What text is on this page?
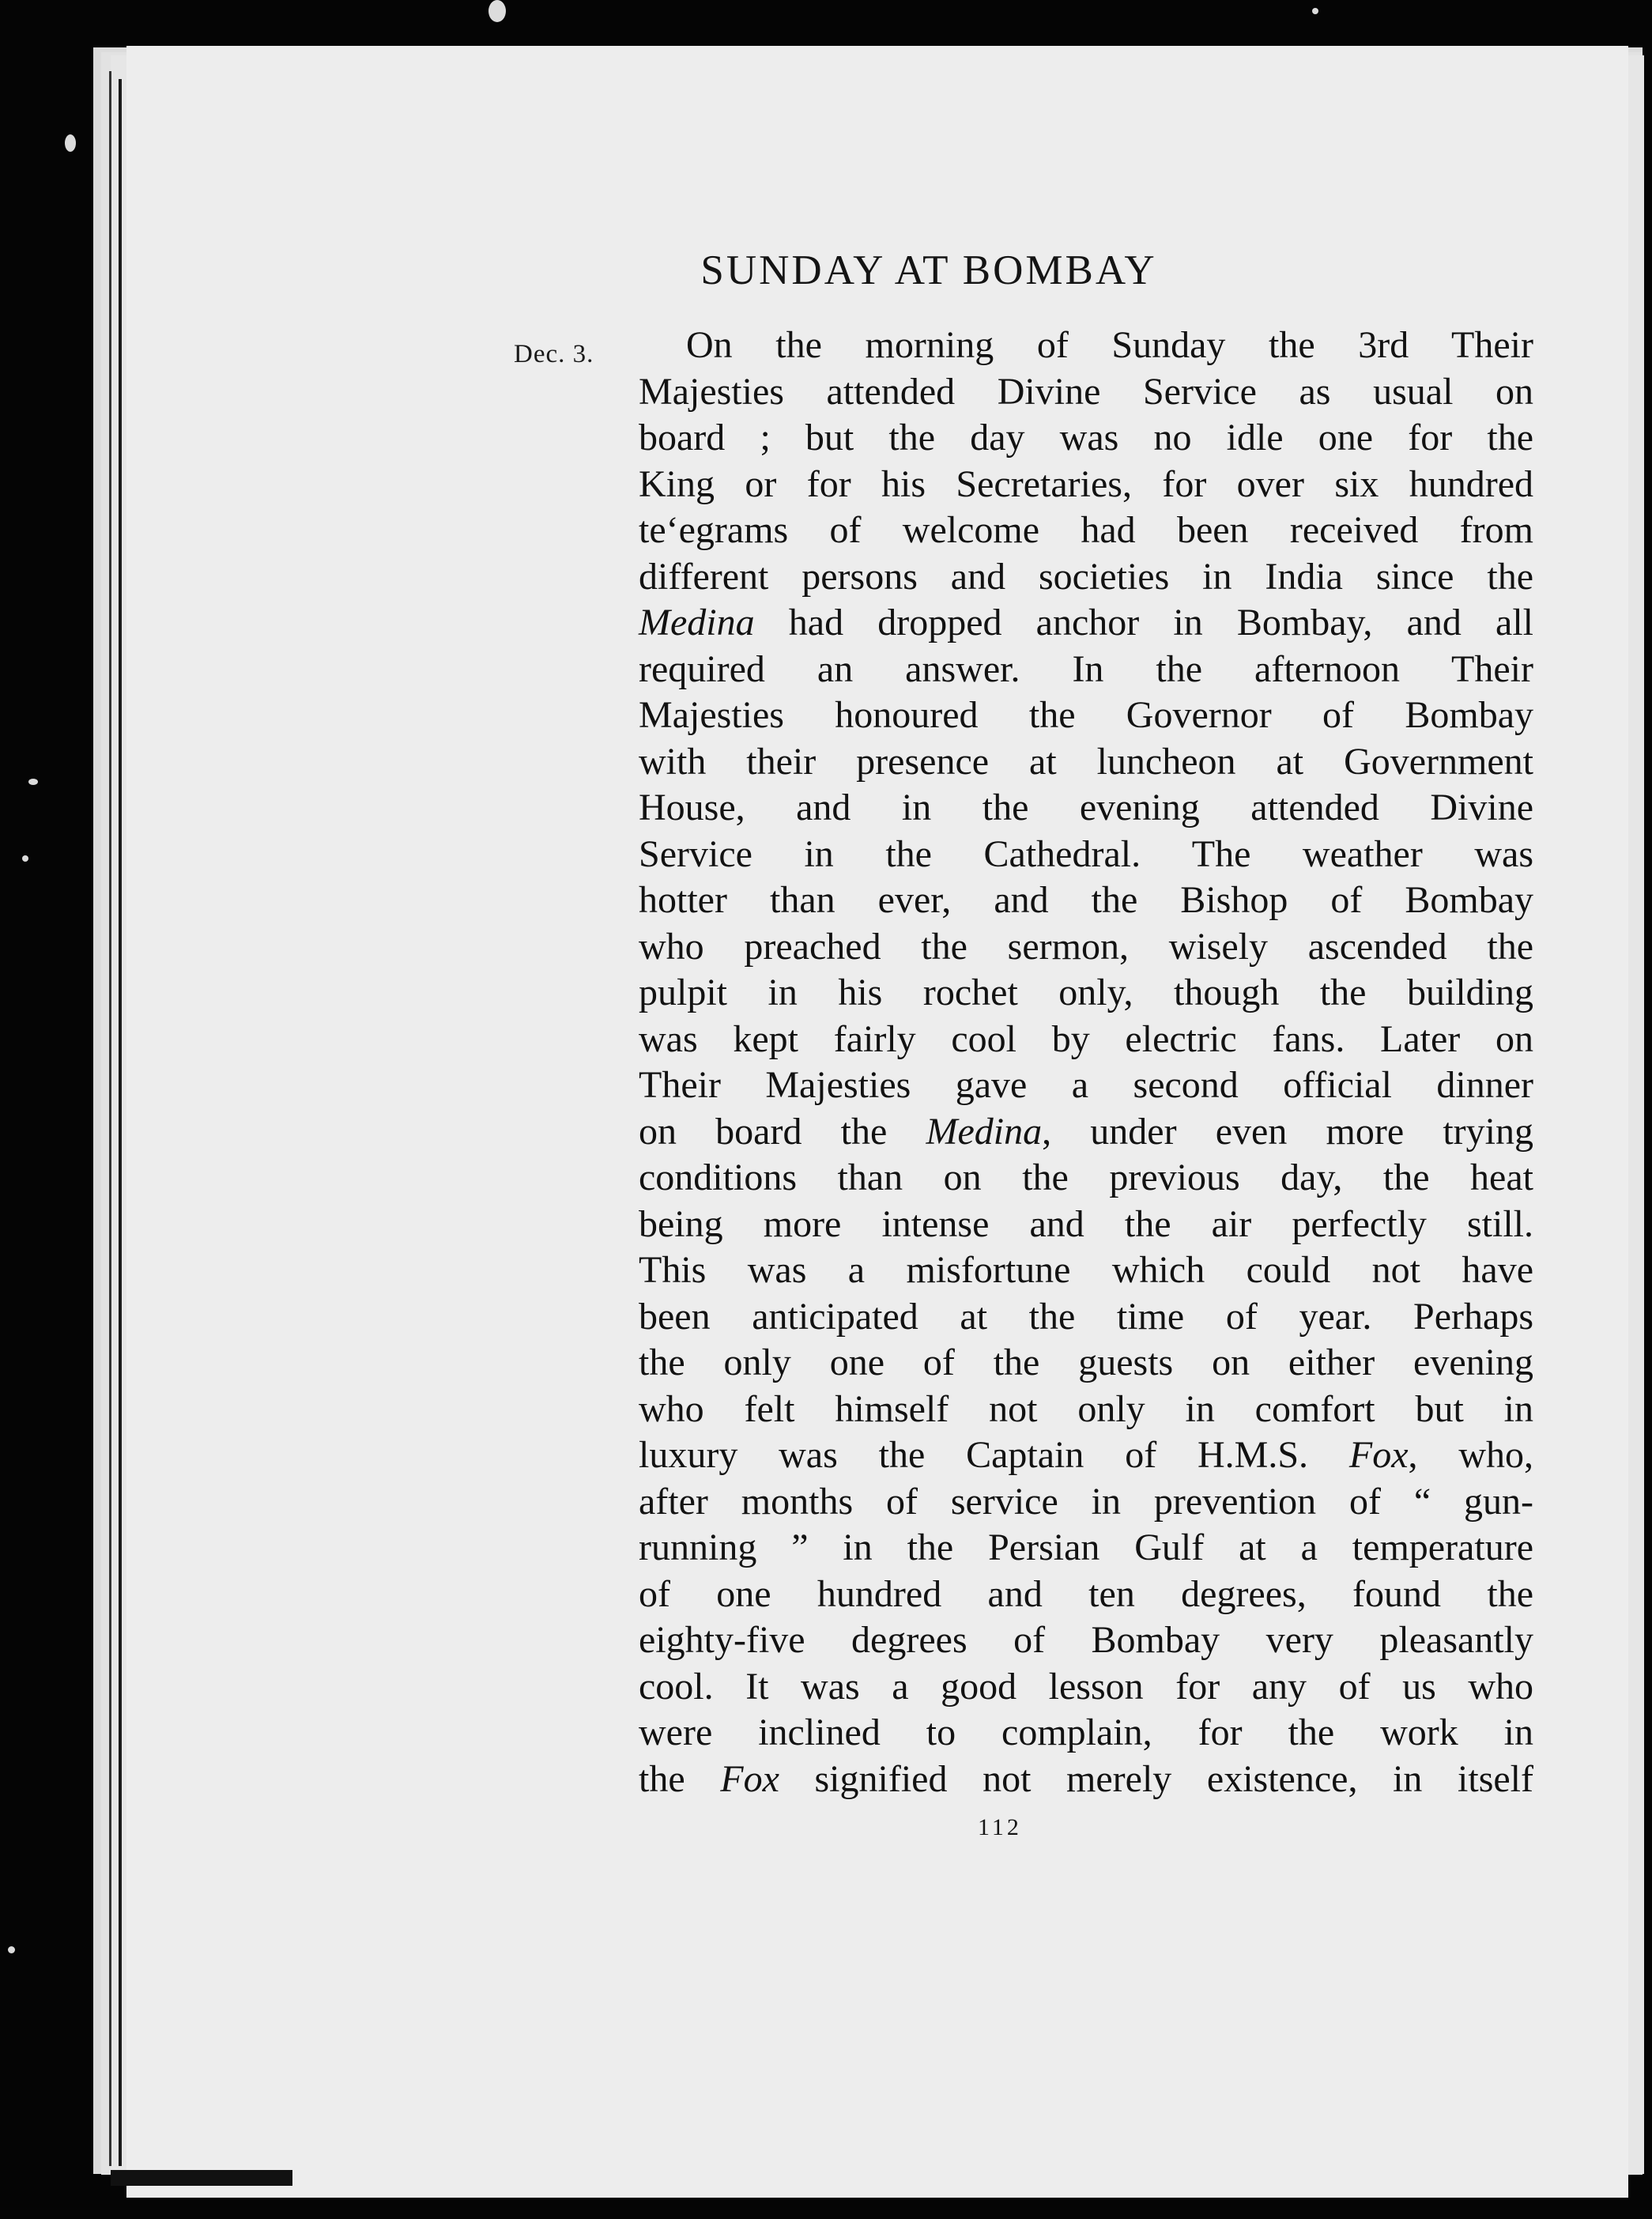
SUNDAY AT BOMBAY
Dec. 3.	On the morning of Sunday the 3rd Their
Majesties attended Divine Service as usual on
board ; but the day was no idle one for the
King or for his Secretaries, for over six hundred
teʻegrams of welcome had been received from
different persons and societies in India since the
Medina had dropped anchor in Bombay, and all
required an answer. In the afternoon Their
Majesties honoured the Governor of Bombay
with their presence at luncheon at Government
House, and in the evening attended Divine
Service in the Cathedral. The weather was
hotter than ever, and the Bishop of Bombay
who preached the sermon, wisely ascended the
pulpit in his rochet only, though the building
was kept fairly cool by electric fans. Later on
Their Majesties gave a second official dinner
on board the Medina, under even more trying
conditions than on the previous day, the heat
being more intense and the air perfectly still.
This was a misfortune which could not have
been anticipated at the time of year. Perhaps
the only one of the guests on either evening
who felt himself not only in comfort but in
luxury was the Captain of H.M.S. Fox, who,
after months of service in prevention of “ gun-
running ” in the Persian Gulf at a temperature
of one hundred and ten degrees, found the
eighty-five degrees of Bombay very pleasantly
cool. It was a good lesson for any of us who
were inclined to complain, for the work in
the Fox signified not merely existence, in itself
112
